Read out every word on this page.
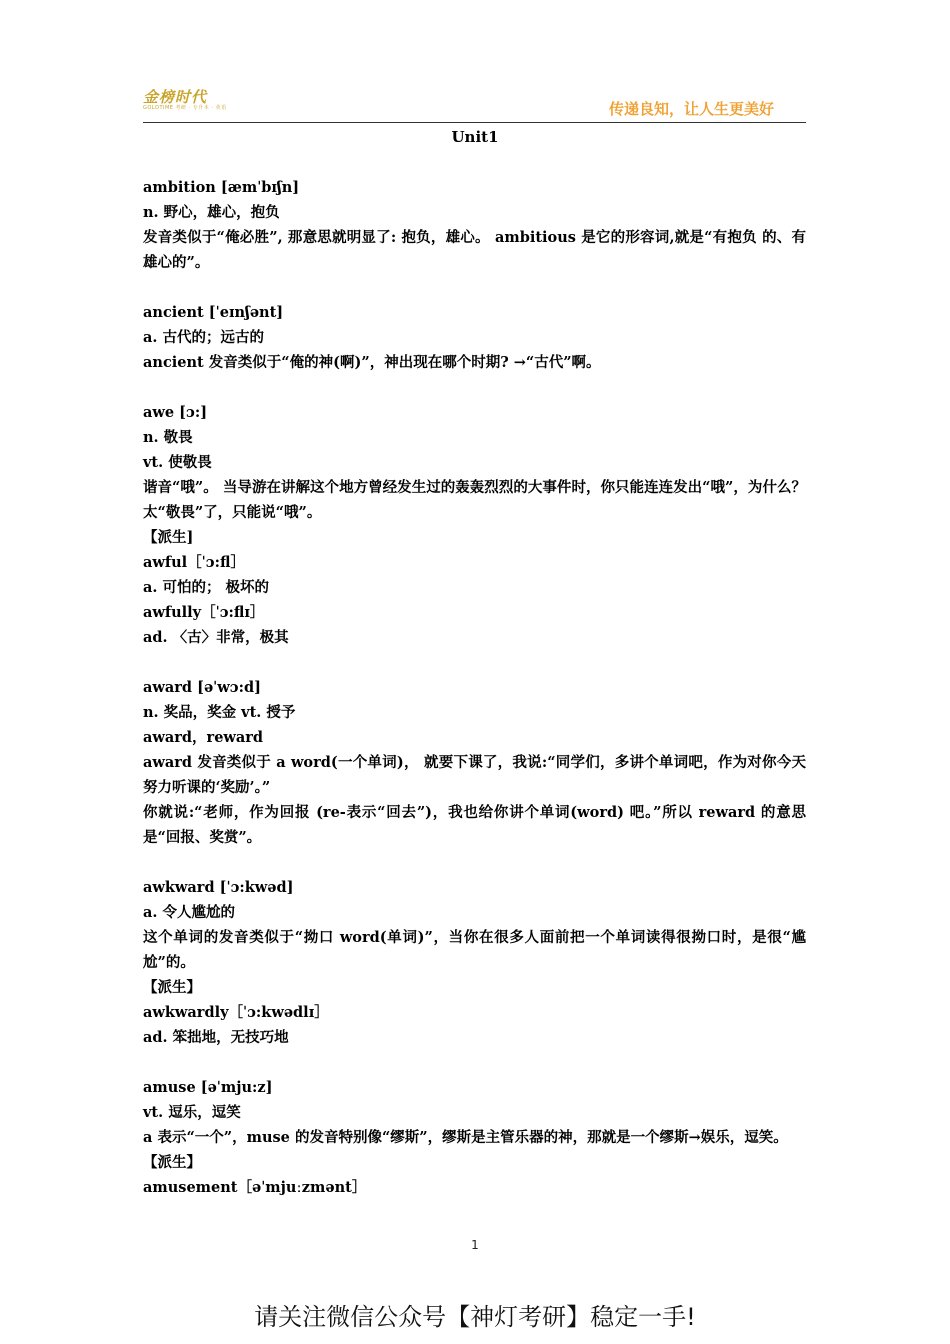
金榜时代
GOLDTIME 考研 · 专升本 · 英语	传递良知，让人生更美好
Unit1
ambition [æmˈbɪʃn]
n. 野心，雄心，抱负
发音类似于“俺必胜”, 那意思就明显了: 抱负，雄心。 ambitious 是它的形容词,就是“有抱负 的、有雄心的”。
ancient [ˈeɪnʃənt]
a. 古代的；远古的
ancient 发音类似于“俺的神(啊)”，神出现在哪个时期? →“古代”啊。
awe [ɔ:]
n. 敬畏
vt. 使敬畏
谐音“哦”。 当导游在讲解这个地方曾经发生过的轰轰烈烈的大事件时，你只能连连发出“哦”，为什么？太“敬畏”了，只能说“哦”。
【派生]
awful［ˈɔ:fl］
a. 可怕的； 极坏的
awfully［ˈɔ:flɪ］
ad. 〈古〉非常，极其
award [əˈwɔ:d]
n. 奖品，奖金 vt. 授予
award，reward
award 发音类似于 a word(一个单词)， 就要下课了，我说:“同学们，多讲个单词吧，作为对你今天努力听课的‘奖励’。”
你就说:“老师，作为回报 (re-表示“回去”)，我也给你讲个单词(word) 吧。”所以 reward 的意思是“回报、奖赏”。
awkward [ˈɔ:kwəd]
a. 令人尴尬的
这个单词的发音类似于“拗口 word(单词)”，当你在很多人面前把一个单词读得很拗口时，是很“尴尬”的。
【派生】
awkwardly［ˈɔ:kwədlɪ］
ad. 笨拙地，无技巧地
amuse [əˈmju:z]
vt. 逗乐，逗笑
a 表示“一个”，muse 的发音特别像“缪斯”，缪斯是主管乐器的神，那就是一个缪斯→娱乐，逗笑。
【派生】
amusement［əˈmjuːzmənt］
1
请关注微信公众号【神灯考研】稳定一手!
